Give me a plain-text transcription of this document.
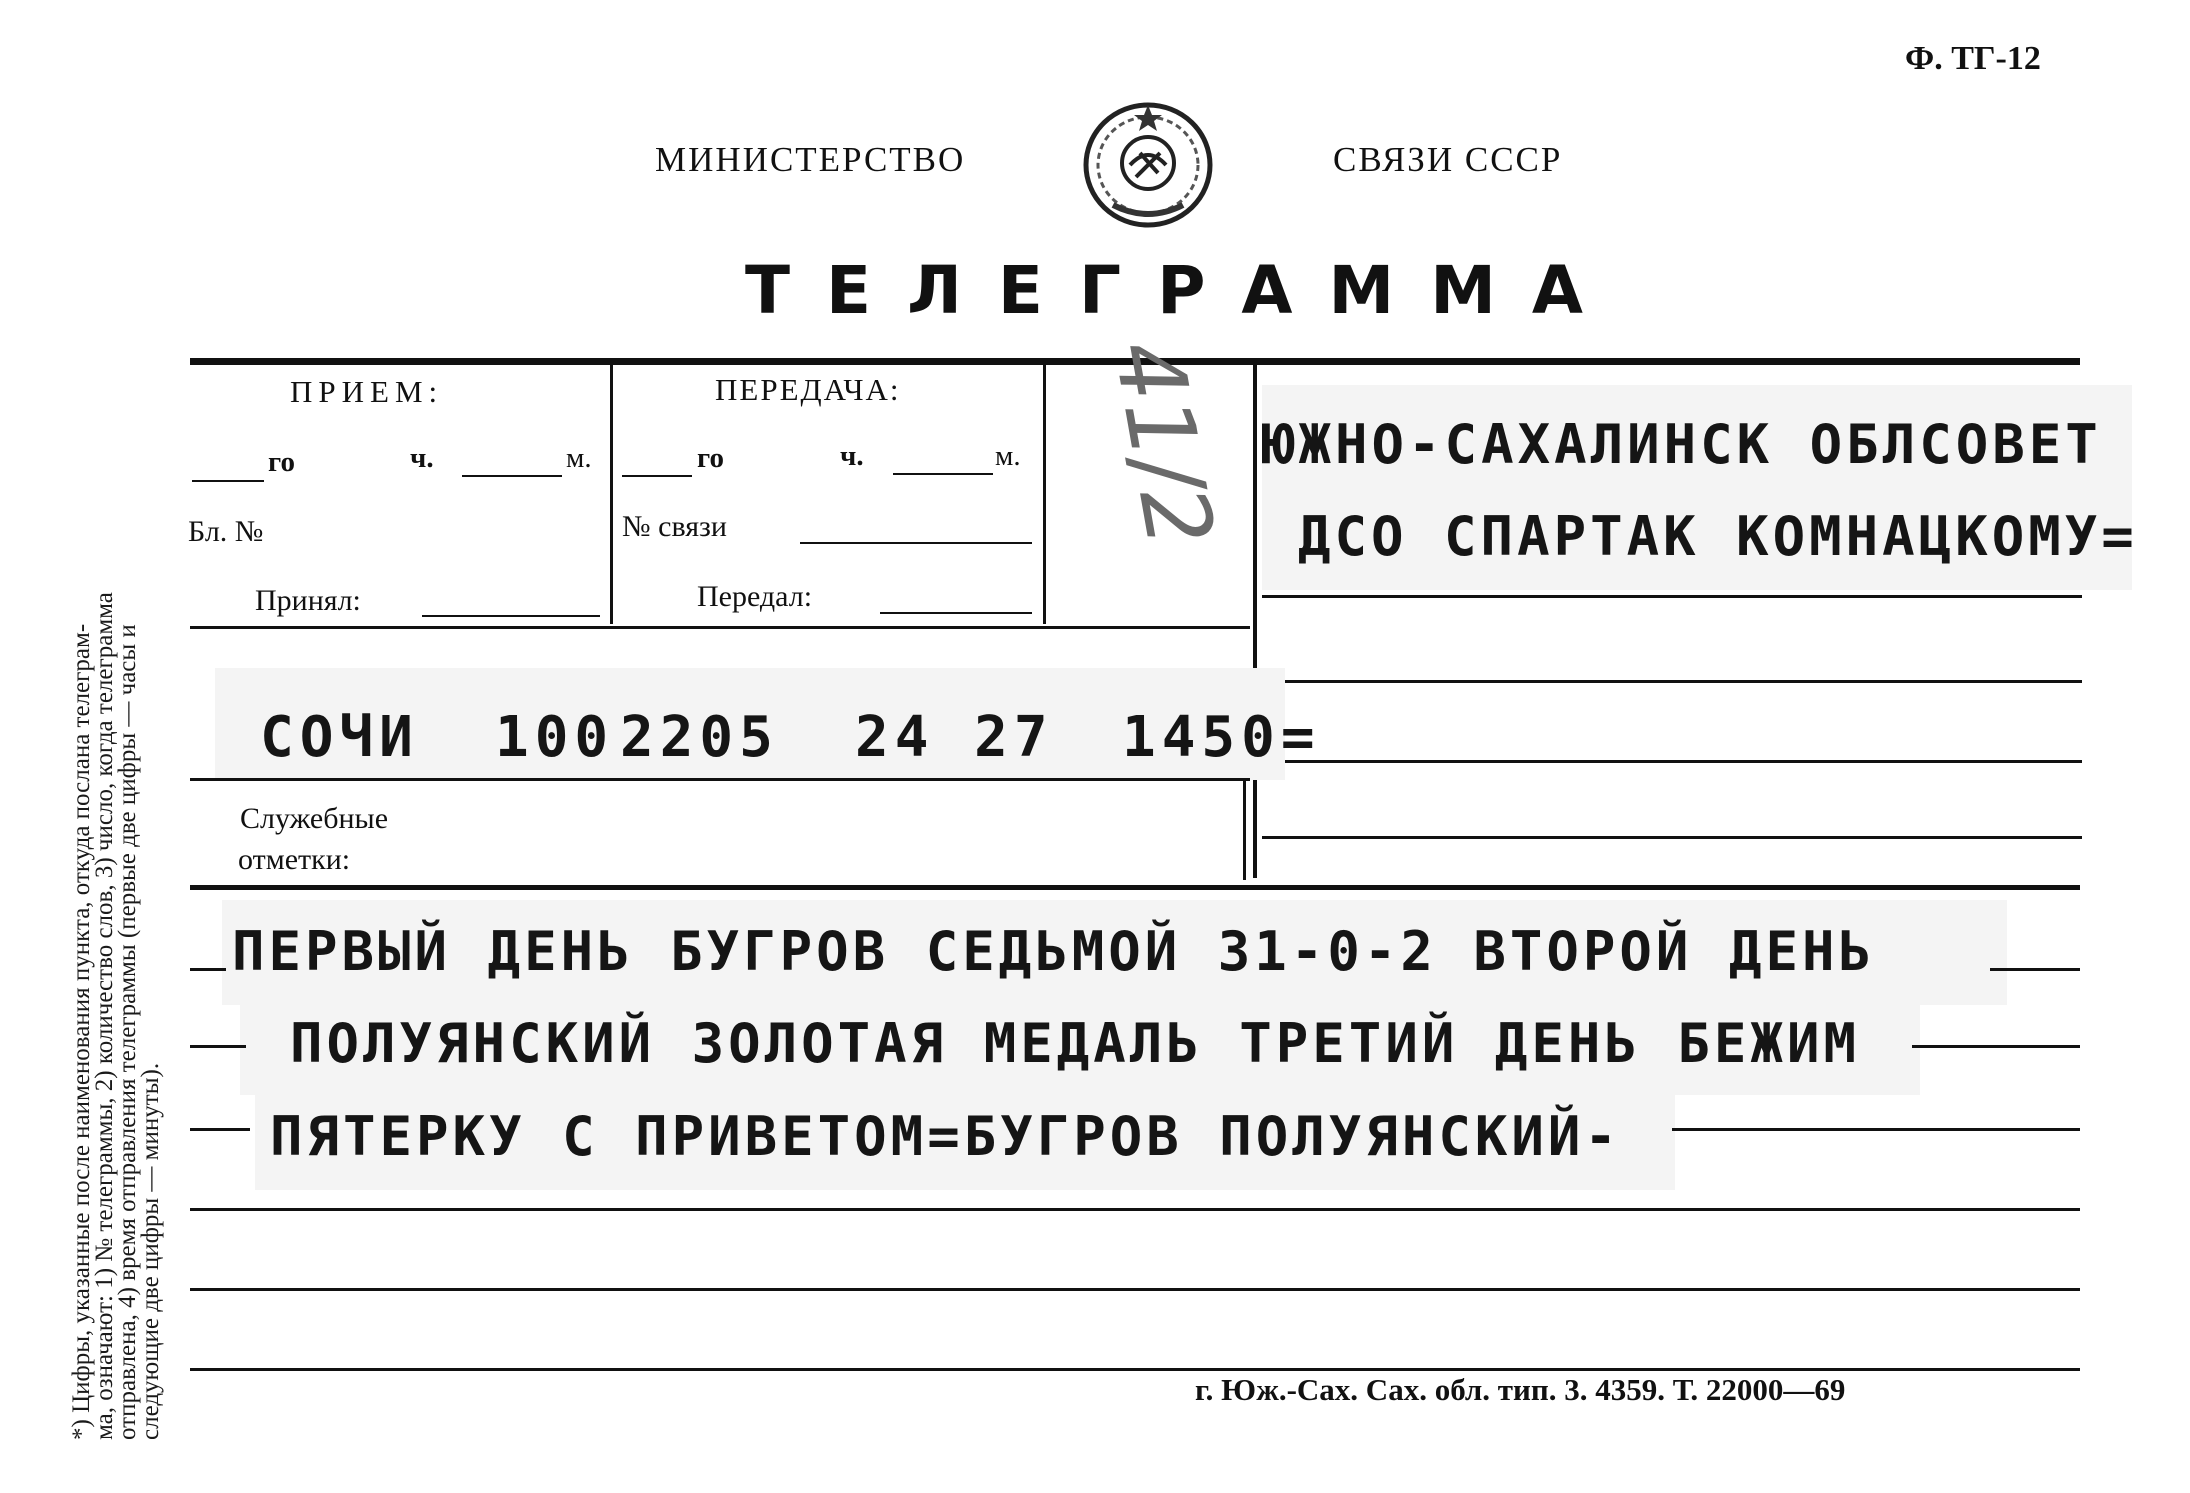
Ф. ТГ-12
МИНИСТЕРСТВО	СВЯЗИ СССР
ТЕЛЕГРАММА
*) Цифры, указанные после наименования пункта, откуда послана телеграм-
ма, означают: 1) № телеграммы, 2) количество слов, 3) число, когда телеграмма
отправлена, 4) время отправления телеграммы (первые две цифры — часы и
следующие две цифры — минуты).
ПРИЕМ:
го	ч.	м.
Бл. №
Принял:
ПЕРЕДАЧА:
го	ч.	м.
№ связи
Передал:
41/2 ЮЖНО-САХАЛИНСК ОБЛСОВЕТ
ДСО СПАРТАК КОМНАЦКОМУ=
СОЧИ 100 2205 24 27 1450=
Служебные
отметки:
ПЕРВЫЙ ДЕНЬ БУГРОВ СЕДЬМОЙ 31-0-2 ВТОРОЙ ДЕНЬ
ПОЛУЯНСКИЙ ЗОЛОТАЯ МЕДАЛЬ ТРЕТИЙ ДЕНЬ БЕЖИМ
ПЯТЕРКУ С ПРИВЕТОМ=БУГРОВ ПОЛУЯНСКИЙ-
г. Юж.-Сах. Сах. обл. тип. 3. 4359. Т. 22000—69
